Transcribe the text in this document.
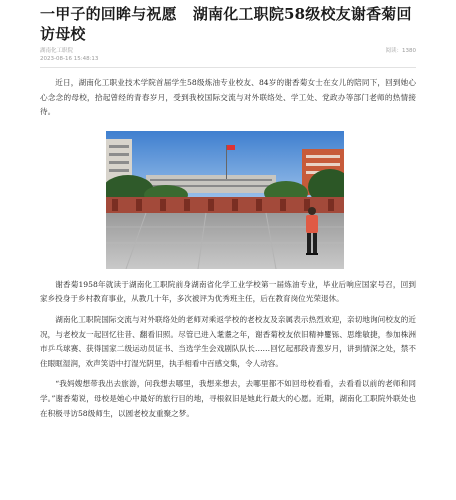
一甲子的回眸与祝愿 湖南化工职院58级校友谢香菊回访母校
湖南化工职院
2023-08-16 15:48:13
阅读：1380

近日，湖南化工职业技术学院首届学生58级炼油专业校友、84岁的谢香菊女士在女儿的陪同下，回到她心心念念的母校，拾起曾经的青春岁月，受到我校国际交流与对外联络处、学工处、党政办等部门老师的热情接待。

谢香菊1958年就读于湖南化工职院前身湖南省化学工业学校第一届炼油专业，毕业后响应国家号召，回到家乡投身于乡村教育事业，从教几十年，多次被评为优秀班主任，后在教育岗位光荣退休。

湖南化工职院国际交流与对外联络处的老师对乘返学校的老校友及亲属表示热烈欢迎，亲切地询问校友的近况，与老校友一起回忆往昔、翻看旧照。尽管已进入耄耋之年，谢香菊校友依旧精神矍铄、思维敏捷，参加株洲市乒乓球赛、获得国家二级运动员证书、当选学生会戏剧队队长……回忆起那段青葱岁月，讲到情深之处，禁不住眼眶湿润，欢声笑语中打湿光阴里，执手相看中百感交集，令人动容。

“我妈嫂想带我出去旅游，问我想去哪里，我想来想去，去哪里都不如回母校看看，去看看以前的老师和同学。”谢香菊说，母校是她心中最好的旅行目的地，寻根叙旧是她此行最大的心愿。近期，湖南化工职院外联处也在积极寻访58级师生，以圆老校友重聚之梦。
